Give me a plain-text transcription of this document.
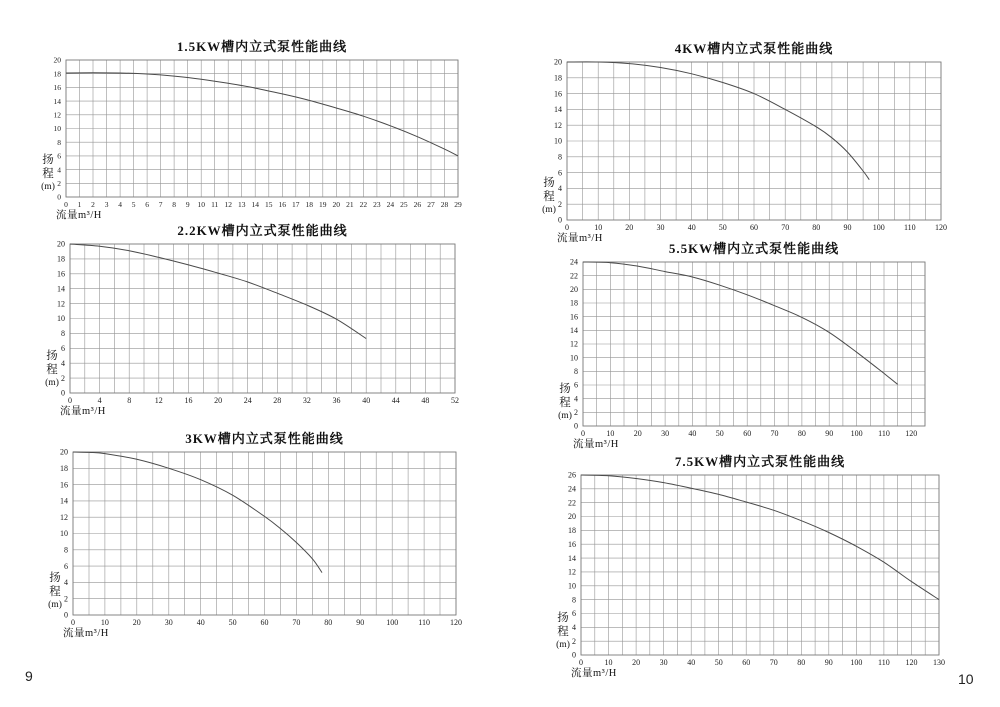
1.5KW槽内立式泵性能曲线
扬
程
(m)
0 1 2 3 4 5 6 7 8 9 10 11 12 13 14 15 16 17 18 19 20 21 22 23 24 25 26 27 28 29
0
2
4
6
8
10
12
14
16
18
20
流量m³/H
2.2KW槽内立式泵性能曲线
扬
程
(m)
0	4	8	12	16	20	24	28	32	36	40	44	48	52
0
2
4
6
8
10
12
14
16
18
20
流量m³/H
3KW槽内立式泵性能曲线
扬
程
(m)
0	10	20	30	40	50	60	70	80	90	100	110	120
0
2
4
6
8
10
12
14
16
18
20
流量m³/H
4KW槽内立式泵性能曲线
扬
程
(m)
0	10	20	30	40	50	60	70	80	90	100 110 120
0
2
4
6
8
10
12
14
16
18
20
流量m³/H
5.5KW槽内立式泵性能曲线
扬
程
(m)
0	10 20 30 40 50 60 70 80 90 100 110 120
0
2
4
6
8
10
12
14
16
18
20
22
24
流量m³/H
7.5KW槽内立式泵性能曲线
扬
程
(m)
0	10 20 30 40 50 60 70 80 90 100 110 120 130
0
2
4
6
8
10
12
14
16
18
20
22
24
26
流量m³/H
9	10
